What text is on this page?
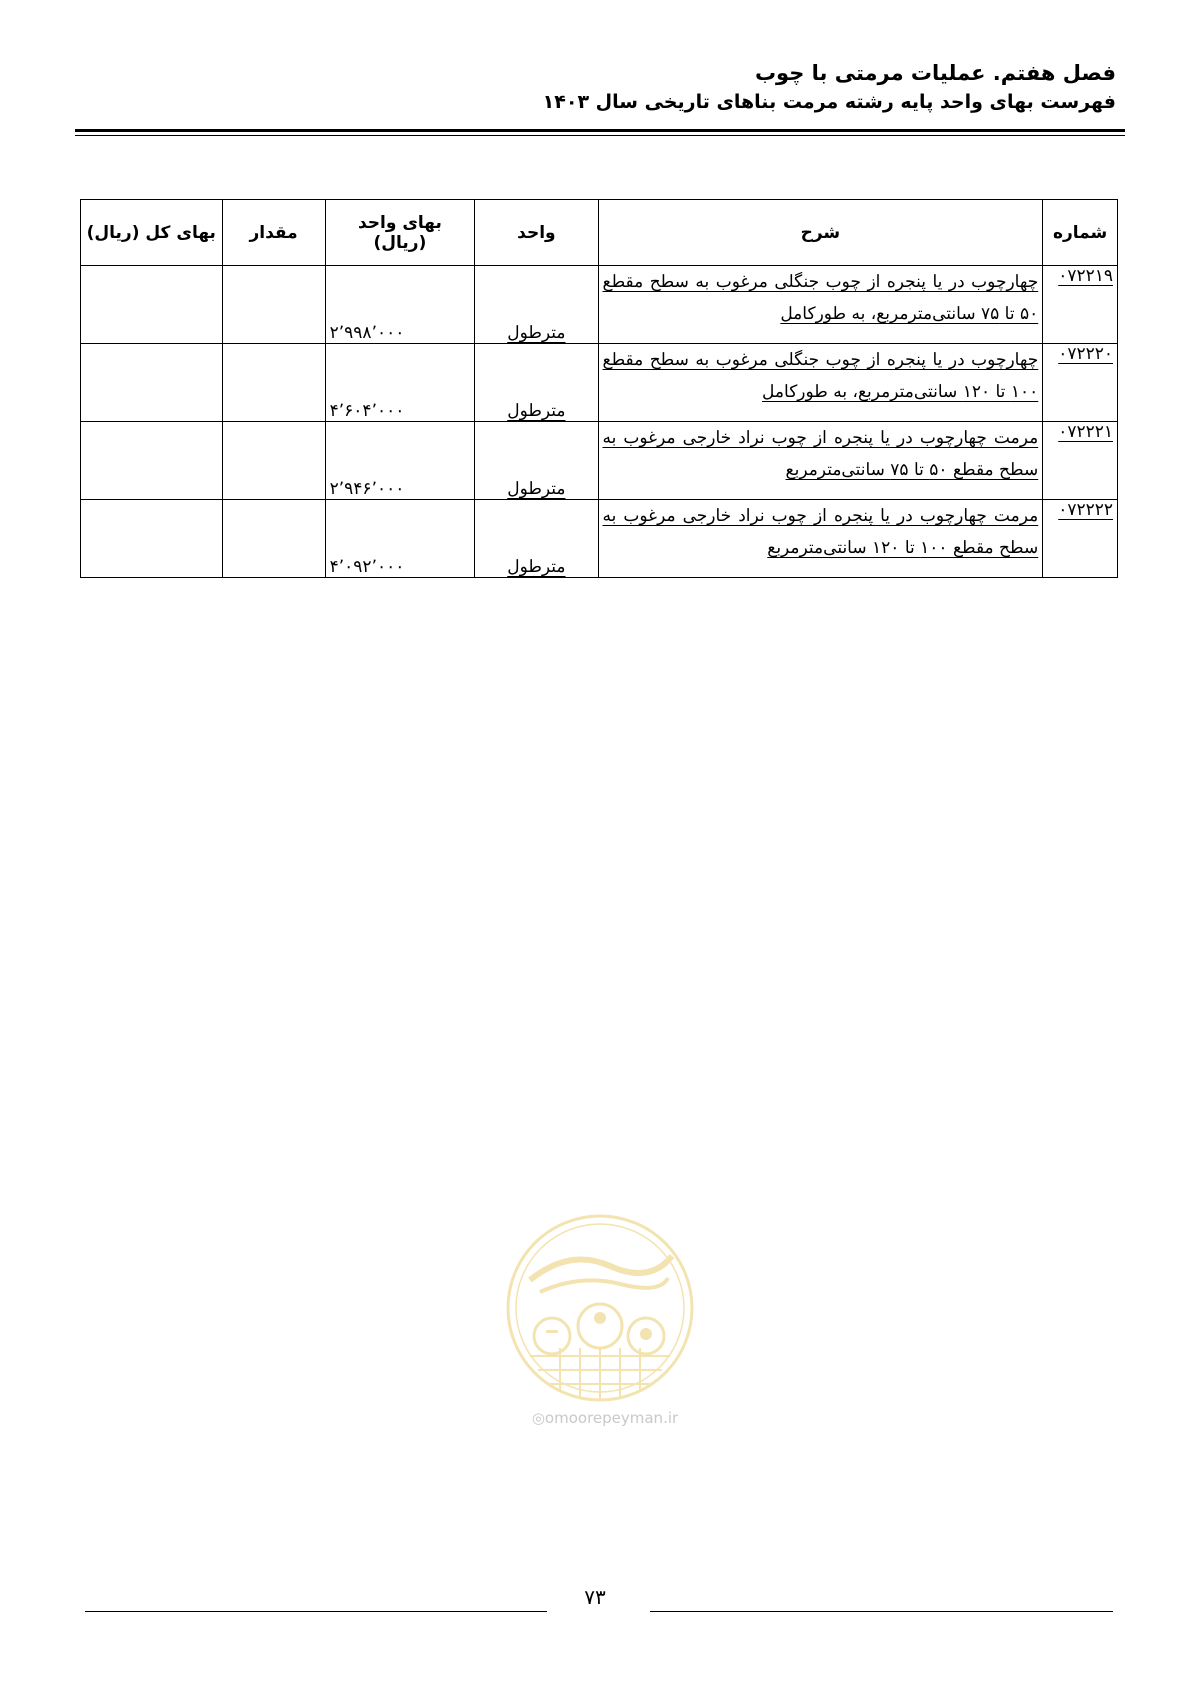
فصل هفتم. عملیات مرمتی با چوب
فهرست بهای واحد پایه رشته مرمت بناهای تاریخی سال ۱۴۰۳
شماره	شرح	واحد	بهای واحد (ریال)	مقدار	بهای کل (ریال)
۰۷۲۲۱۹	چهارچوب در یا پنجره از چوب جنگلی مرغوب به سطح مقطع ۵۰ تا ۷۵ سانتی‌مترمربع، به طورکامل	مترطول	۲٬۹۹۸٬۰۰۰		
۰۷۲۲۲۰	چهارچوب در یا پنجره از چوب جنگلی مرغوب به سطح مقطع ۱۰۰ تا ۱۲۰ سانتی‌مترمربع، به طورکامل	مترطول	۴٬۶۰۴٬۰۰۰		
۰۷۲۲۲۱	مرمت چهارچوب در یا پنجره از چوب نراد خارجی مرغوب به سطح مقطع ۵۰ تا ۷۵ سانتی‌مترمربع	مترطول	۲٬۹۴۶٬۰۰۰		
۰۷۲۲۲۲	مرمت چهارچوب در یا پنجره از چوب نراد خارجی مرغوب به سطح مقطع ۱۰۰ تا ۱۲۰ سانتی‌مترمربع	مترطول	۴٬۰۹۲٬۰۰۰		
◎omoorepeyman.ir
۷۳
